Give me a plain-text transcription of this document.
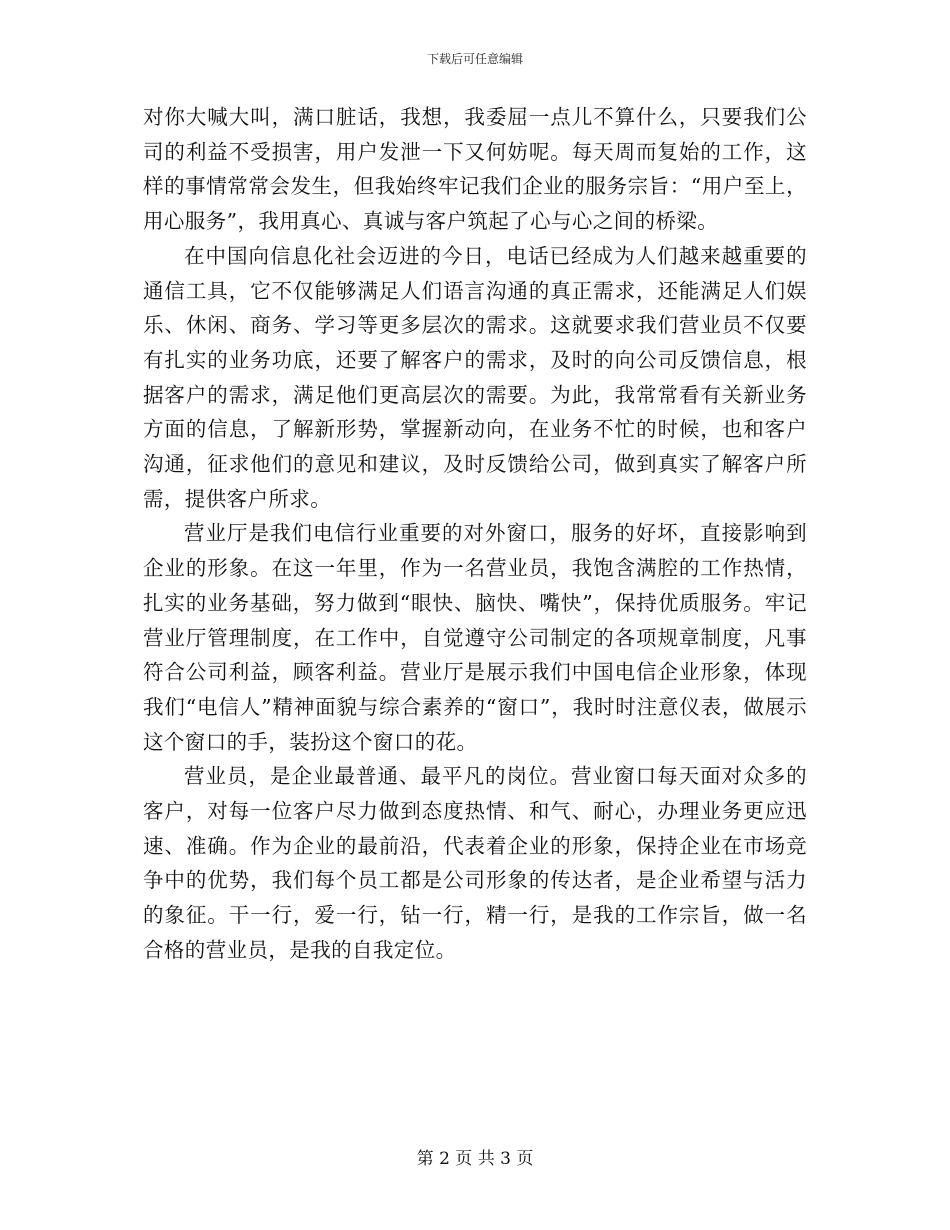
下载后可任意编辑

对你大喊大叫，满口脏话，我想，我委屈一点儿不算什么，只要我们公司的利益不受损害，用户发泄一下又何妨呢。每天周而复始的工作，这样的事情常常会发生，但我始终牢记我们企业的服务宗旨：“用户至上，用心服务”，我用真心、真诚与客户筑起了心与心之间的桥梁。

在中国向信息化社会迈进的今日，电话已经成为人们越来越重要的通信工具，它不仅能够满足人们语言沟通的真正需求，还能满足人们娱乐、休闲、商务、学习等更多层次的需求。这就要求我们营业员不仅要有扎实的业务功底，还要了解客户的需求，及时的向公司反馈信息，根据客户的需求，满足他们更高层次的需要。为此，我常常看有关新业务方面的信息，了解新形势，掌握新动向，在业务不忙的时候，也和客户沟通，征求他们的意见和建议，及时反馈给公司，做到真实了解客户所需，提供客户所求。

营业厅是我们电信行业重要的对外窗口，服务的好坏，直接影响到企业的形象。在这一年里，作为一名营业员，我饱含满腔的工作热情，扎实的业务基础，努力做到“眼快、脑快、嘴快”，保持优质服务。牢记营业厅管理制度，在工作中，自觉遵守公司制定的各项规章制度，凡事符合公司利益，顾客利益。营业厅是展示我们中国电信企业形象，体现我们“电信人”精神面貌与综合素养的“窗口”，我时时注意仪表，做展示这个窗口的手，装扮这个窗口的花。

营业员，是企业最普通、最平凡的岗位。营业窗口每天面对众多的客户，对每一位客户尽力做到态度热情、和气、耐心，办理业务更应迅速、准确。作为企业的最前沿，代表着企业的形象，保持企业在市场竞争中的优势，我们每个员工都是公司形象的传达者，是企业希望与活力的象征。干一行，爱一行，钻一行，精一行，是我的工作宗旨，做一名合格的营业员，是我的自我定位。

第 2 页 共 3 页
